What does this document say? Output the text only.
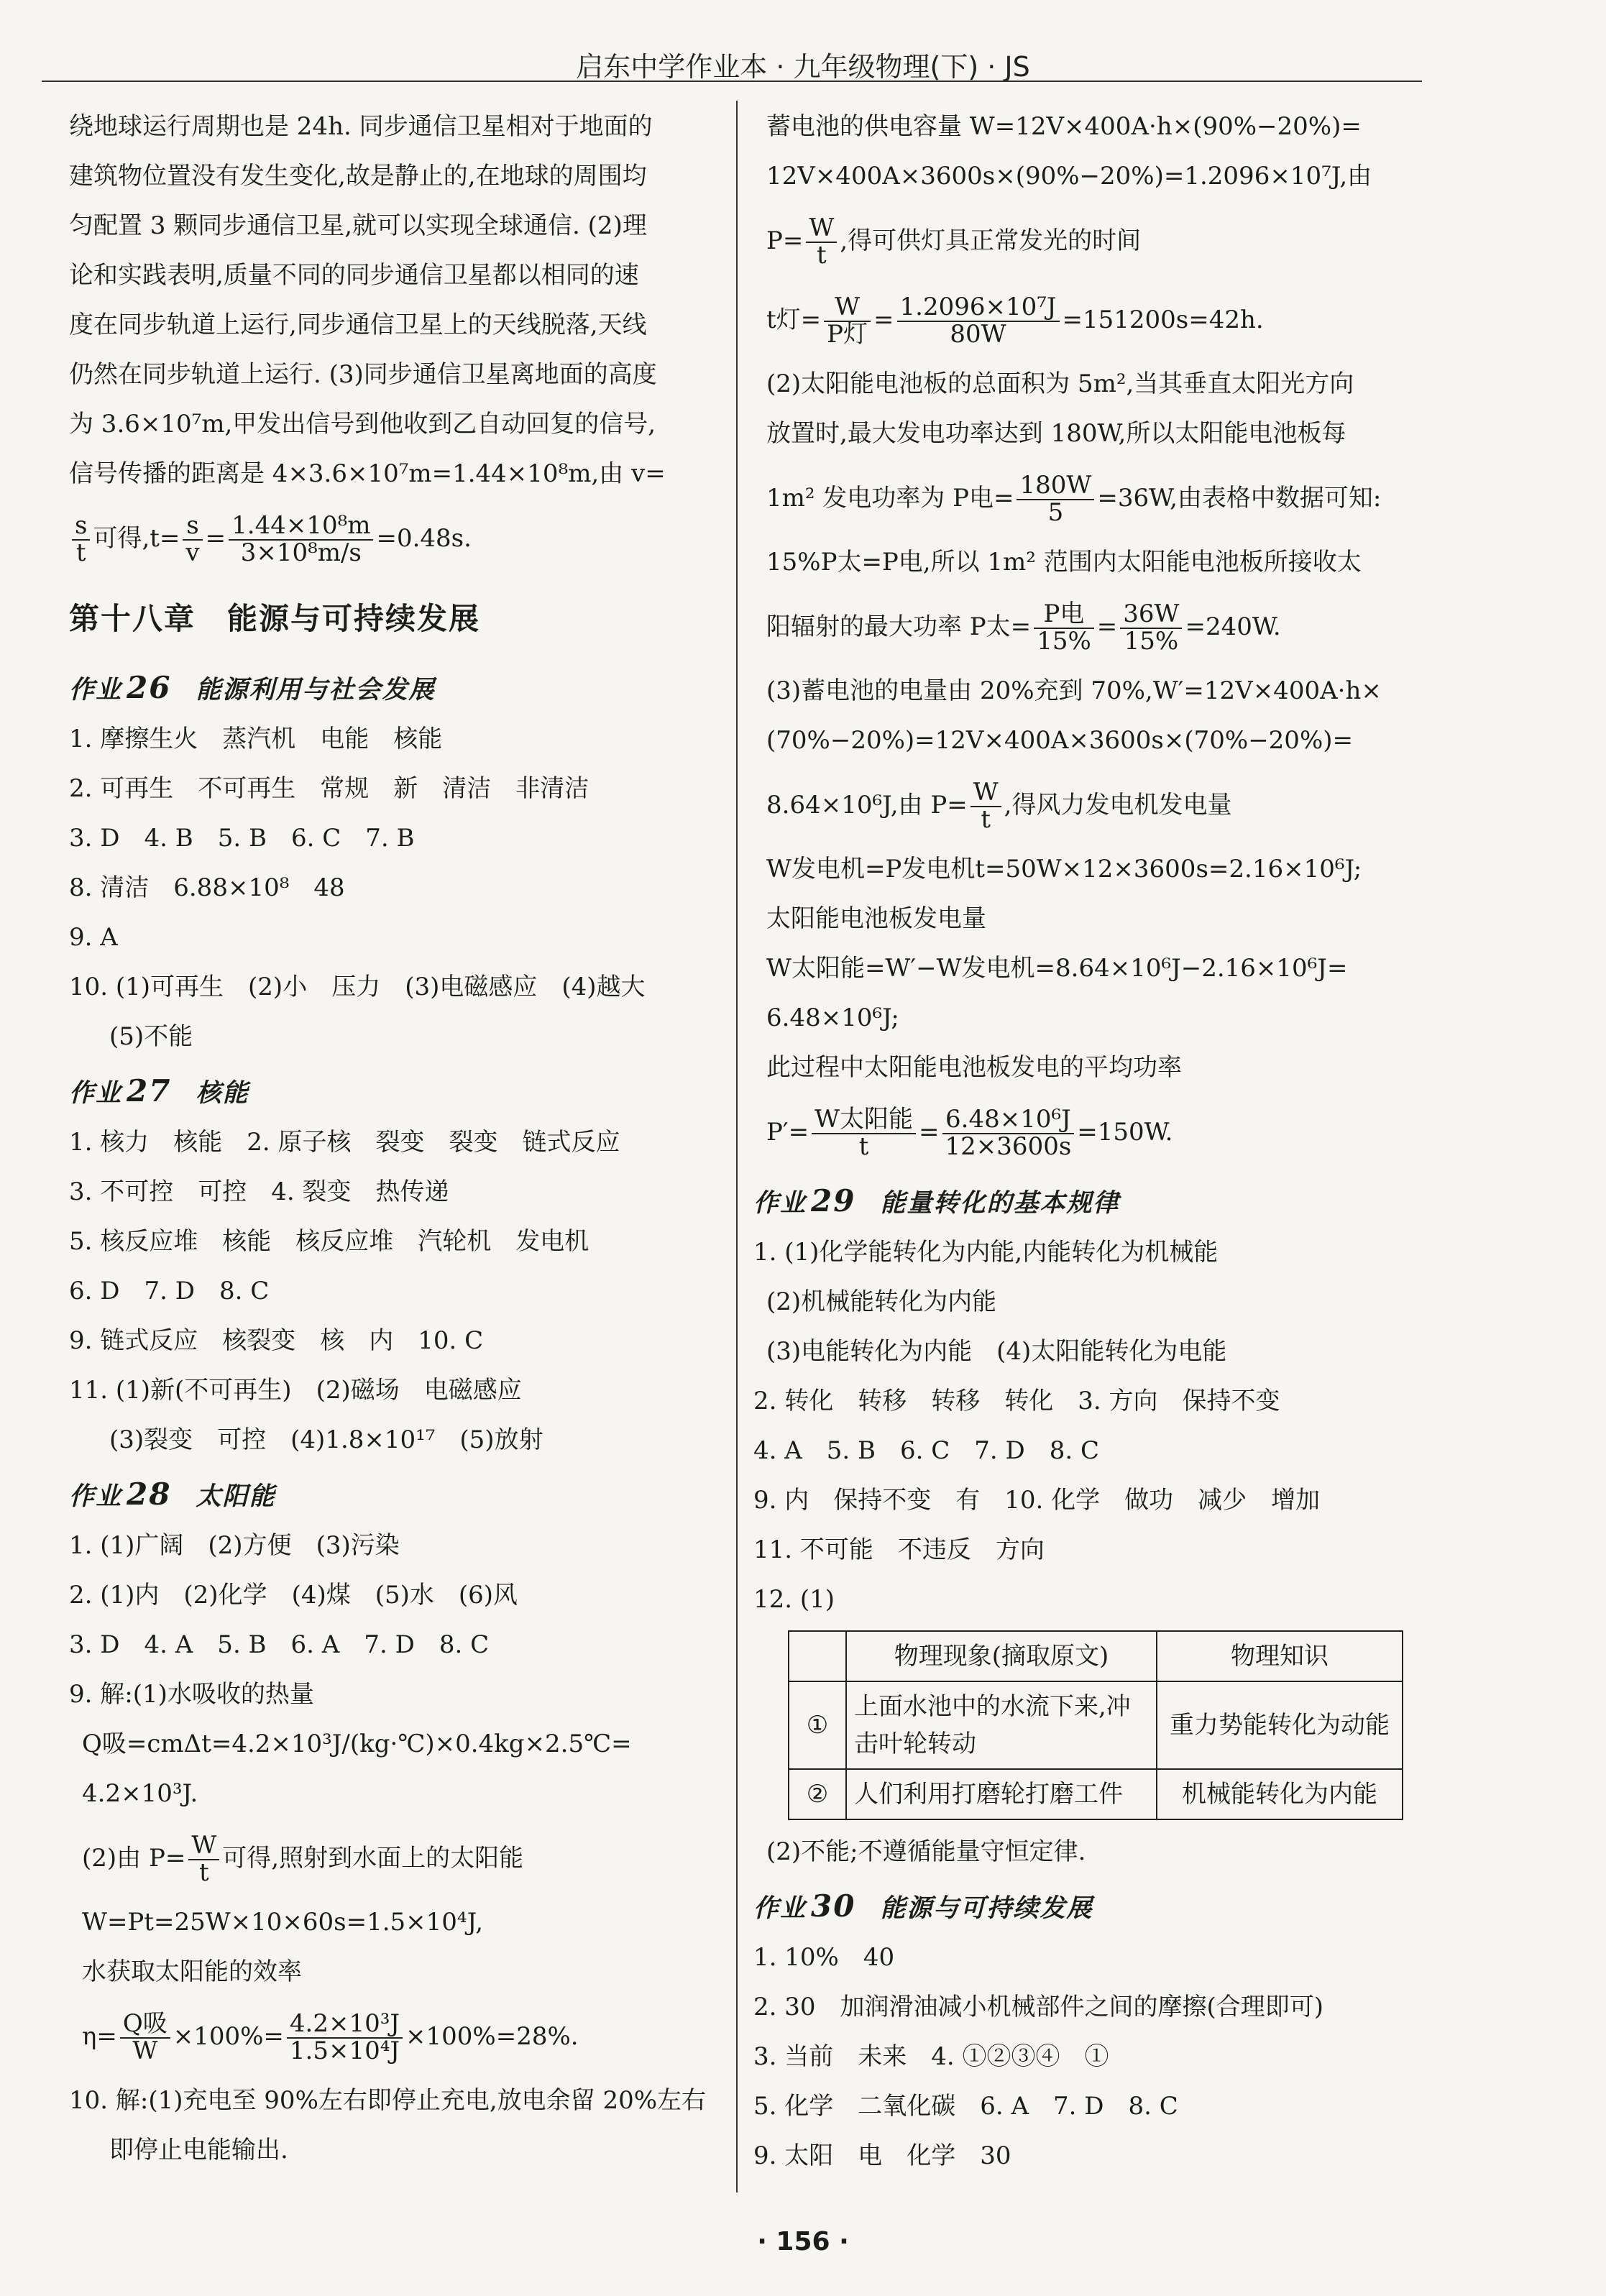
启东中学作业本 · 九年级物理(下) · JS

绕地球运行周期也是 24h. 同步通信卫星相对于地面的

建筑物位置没有发生变化,故是静止的,在地球的周围均

匀配置 3 颗同步通信卫星,就可以实现全球通信. (2)理

论和实践表明,质量不同的同步通信卫星都以相同的速

度在同步轨道上运行,同步通信卫星上的天线脱落,天线

仍然在同步轨道上运行. (3)同步通信卫星离地面的高度

为 3.6×10⁷m,甲发出信号到他收到乙自动回复的信号,

信号传播的距离是 4×3.6×10⁷m=1.44×10⁸m,由 v=

$\frac{s}{t}$ 可得$,t= \frac{s}{v} = \frac{\text{1.44×10⁸m}}{\text{3×10⁸m/s}} =0.48s$.

第十八章　能源与可持续发展

作业 26 能源利用与社会发展

1. 摩擦生火　蒸汽机　电能　核能

2. 可再生　不可再生　常规　新　清洁　非清洁

3. D　4. B　5. B　6. C　7. B

8. 清洁　6.88×10⁸　48

9. A

10. (1)可再生　(2)小　压力　(3)电磁感应　(4)越大

(5)不能

作业 27 核能

1. 核力　核能　2. 原子核　裂变　裂变　链式反应

3. 不可控　可控　4. 裂变　热传递

5. 核反应堆　核能　核反应堆　汽轮机　发电机

6. D　7. D　8. C

9. 链式反应　核裂变　核　内　10. C

11. (1)新(不可再生)　(2)磁场　电磁感应

(3)裂变　可控　(4)1.8×10¹⁷　(5)放射

作业 28 太阳能

1. (1)广阔　(2)方便　(3)污染

2. (1)内　(2)化学　(4)煤　(5)水　(6)风

3. D　4. A　5. B　6. A　7. D　8. C

9. 解:(1)水吸收的热量

Q吸=cmΔt=4.2×10³J/(kg·℃)×0.4kg×2.5℃=

4.2×10³J.

(2)由 $P= \frac{W}{t}$ 可得,照射到水面上的太阳能

W=Pt=25W×10×60s=1.5×10⁴J,

水获取太阳能的效率

$\eta= \frac{\text{Q吸}}{W} \times 100\%= \frac{\text{4.2×10³J}}{\text{1.5×10⁴J}} \times 100\%=28\%$.

10. 解:(1)充电至 90%左右即停止充电,放电余留 20%左右

即停止电能输出.

蓄电池的供电容量 W=12V×400A·h×(90%−20%)=

12V×400A×3600s×(90%−20%)=1.2096×10⁷J,由

$P= \frac{W}{t}$ ,得可供灯具正常发光的时间

t灯= $\frac{W}{\text{P灯}} = \frac{\text{1.2096×10⁷J}}{80W} =151200s=42h$.

(2)太阳能电池板的总面积为 5m²,当其垂直太阳光方向

放置时,最大发电功率达到 180W,所以太阳能电池板每

1m² 发电功率为 P电= $\frac{180W}{5} =36W$,由表格中数据可知:

15%P太=P电,所以 1m² 范围内太阳能电池板所接收太

阳辐射的最大功率 P太= $\frac{\text{P电}}{15\%} = \frac{36W}{15\%} =240W$.

(3)蓄电池的电量由 20%充到 70%,W′=12V×400A·h×

(70%−20%)=12V×400A×3600s×(70%−20%)=

8.64×10⁶J,由 $P= \frac{W}{t}$ ,得风力发电机发电量

W发电机=P发电机t=50W×12×3600s=2.16×10⁶J;

太阳能电池板发电量

W太阳能=W′−W发电机=8.64×10⁶J−2.16×10⁶J=

6.48×10⁶J;

此过程中太阳能电池板发电的平均功率

$P'= \frac{\text{W太阳能}}{t} = \frac{\text{6.48×10⁶J}}{12\times 3600s} =150W$.

作业 29 能量转化的基本规律

1. (1)化学能转化为内能,内能转化为机械能

(2)机械能转化为内能

(3)电能转化为内能　(4)太阳能转化为电能

2. 转化　转移　转移　转化　3. 方向　保持不变

4. A　5. B　6. C　7. D　8. C

9. 内　保持不变　有　10. 化学　做功　减少　增加

11. 不可能　不违反　方向

12. (1)

	物理现象(摘取原文)	物理知识
①	上面水池中的水流下来,冲击叶轮转动	重力势能转化为动能
②	人们利用打磨轮打磨工件	机械能转化为内能

(2)不能;不遵循能量守恒定律.

作业 30 能源与可持续发展

1. 10%　40

2. 30　加润滑油减小机械部件之间的摩擦(合理即可)

3. 当前　未来　4. ①②③④　①

5. 化学　二氧化碳　6. A　7. D　8. C

9. 太阳　电　化学　30

· 156 ·
